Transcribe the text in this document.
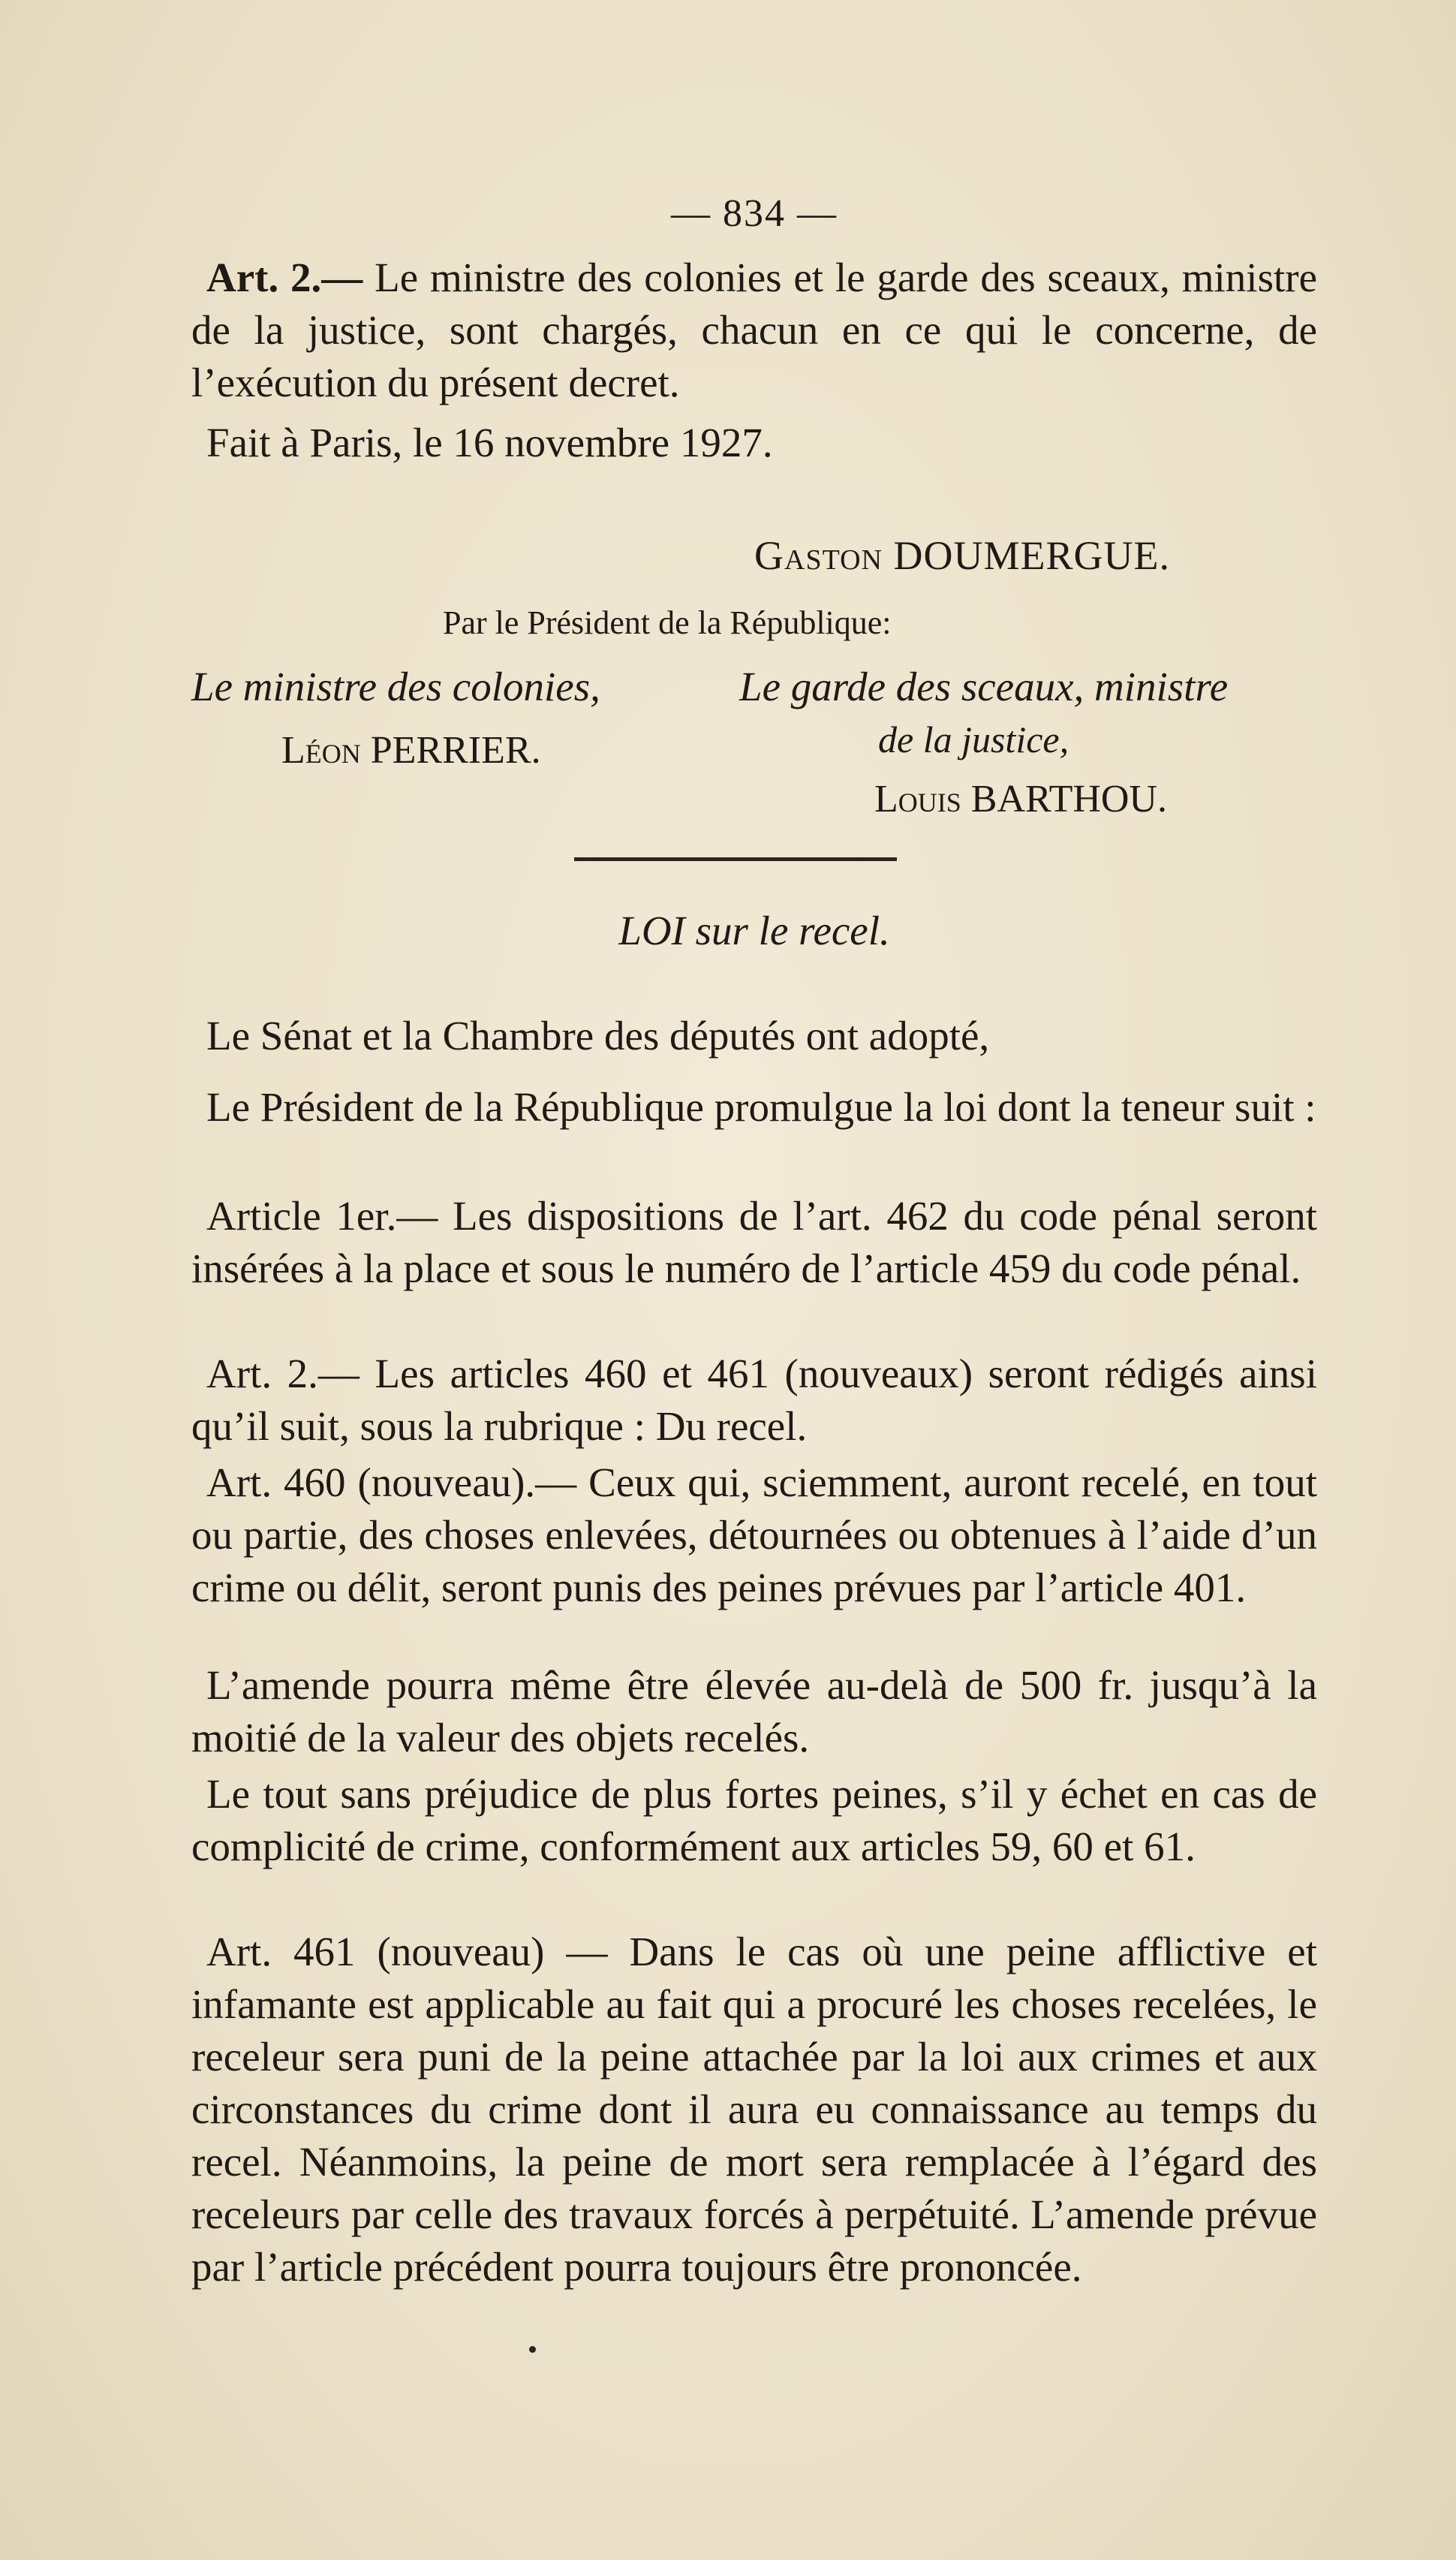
— 834 —
Art. 2.— Le ministre des colonies et le garde des sceaux, ministre de la justice, sont chargés, chacun en ce qui le concerne, de l’exécution du présent decret.
Fait à Paris, le 16 novembre 1927.
Gaston DOUMERGUE.
Par le Président de la République:
Le ministre des colonies,
Léon PERRIER.
Le garde des sceaux, ministre
de la justice,
Louis BARTHOU.
LOI sur le recel.
Le Sénat et la Chambre des députés ont adopté,
Le Président de la République promulgue la loi dont la teneur suit :
Article 1er.— Les dispositions de l’art. 462 du code pénal seront insérées à la place et sous le numéro de l’article 459 du code pénal.
Art. 2.— Les articles 460 et 461 (nouveaux) seront rédigés ainsi qu’il suit, sous la rubrique : Du recel.
Art. 460 (nouveau).— Ceux qui, sciemment, auront recelé, en tout ou partie, des choses enlevées, détournées ou obtenues à l’aide d’un crime ou délit, seront punis des peines prévues par l’article 401.
L’amende pourra même être élevée au-delà de 500 fr. jusqu’à la moitié de la valeur des objets recelés.
Le tout sans préjudice de plus fortes peines, s’il y échet en cas de complicité de crime, conformément aux articles 59, 60 et 61.
Art. 461 (nouveau) — Dans le cas où une peine afflictive et infamante est applicable au fait qui a procuré les choses recelées, le receleur sera puni de la peine attachée par la loi aux crimes et aux circonstances du crime dont il aura eu connaissance au temps du recel. Néanmoins, la peine de mort sera remplacée à l’égard des receleurs par celle des travaux forcés à perpétuité. L’amende prévue par l’article précédent pourra toujours être prononcée.
